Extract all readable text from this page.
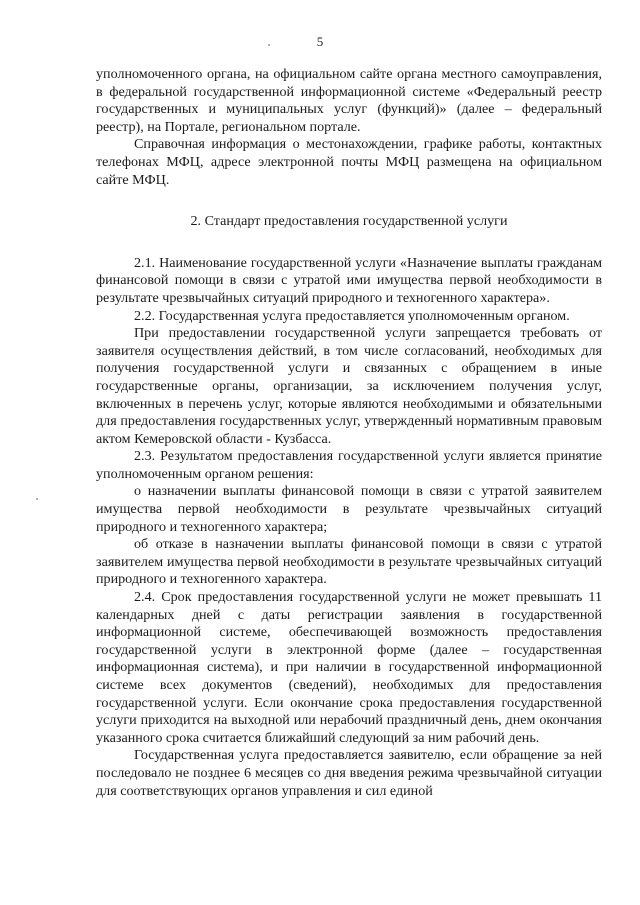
5

уполномоченного органа, на официальном сайте органа местного самоуправления, в федеральной государственной информационной системе «Федеральный реестр государственных и муниципальных услуг (функций)» (далее – федеральный реестр), на Портале, региональном портале.

Справочная информация о местонахождении, графике работы, контактных телефонах МФЦ, адресе электронной почты МФЦ размещена на официальном сайте МФЦ.

2. Стандарт предоставления государственной услуги

2.1. Наименование государственной услуги «Назначение выплаты гражданам финансовой помощи в связи с утратой ими имущества первой необходимости в результате чрезвычайных ситуаций природного и техногенного характера».

2.2. Государственная услуга предоставляется уполномоченным органом.

При предоставлении государственной услуги запрещается требовать от заявителя осуществления действий, в том числе согласований, необходимых для получения государственной услуги и связанных с обращением в иные государственные органы, организации, за исключением получения услуг, включенных в перечень услуг, которые являются необходимыми и обязательными для предоставления государственных услуг, утвержденный нормативным правовым актом Кемеровской области - Кузбасса.

2.3. Результатом предоставления государственной услуги является принятие уполномоченным органом решения:

о назначении выплаты финансовой помощи в связи с утратой заявителем имущества первой необходимости в результате чрезвычайных ситуаций природного и техногенного характера;

об отказе в назначении выплаты финансовой помощи в связи с утратой заявителем имущества первой необходимости в результате чрезвычайных ситуаций природного и техногенного характера.

2.4. Срок предоставления государственной услуги не может превышать 11 календарных дней с даты регистрации заявления в государственной информационной системе, обеспечивающей возможность предоставления государственной услуги в электронной форме (далее – государственная информационная система), и при наличии в государственной информационной системе всех документов (сведений), необходимых для предоставления государственной услуги. Если окончание срока предоставления государственной услуги приходится на выходной или нерабочий праздничный день, днем окончания указанного срока считается ближайший следующий за ним рабочий день.

Государственная услуга предоставляется заявителю, если обращение за ней последовало не позднее 6 месяцев со дня введения режима чрезвычайной ситуации для соответствующих органов управления и сил единой
